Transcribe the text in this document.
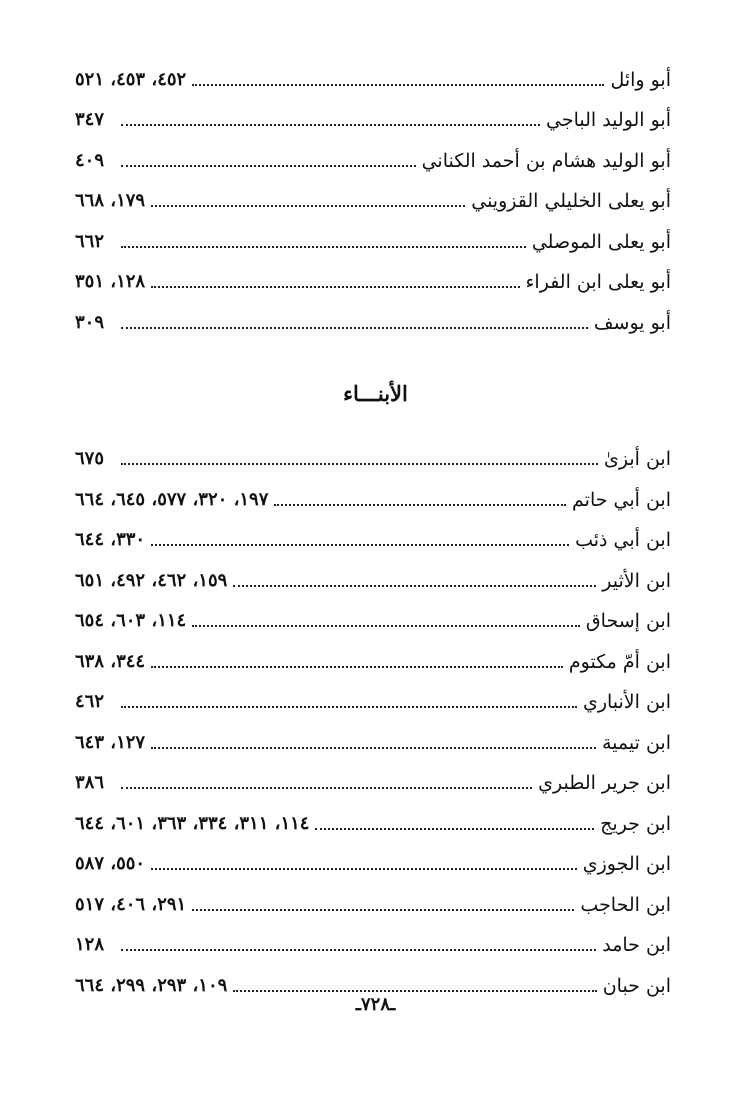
أبو وائل
٤٥٢، ٤٥٣، ٥٢١
أبو الوليد الباجي
٣٤٧
أبو الوليد هشام بن أحمد الكناني
٤٠٩
أبو يعلى الخليلي القزويني
١٧٩، ٦٦٨
أبو يعلى الموصلي
٦٦٢
أبو يعلى ابن الفراء
١٢٨، ٣٥١
أبو يوسف
٣٠٩
الأبنـــاء
ابن أبزىٰ
٦٧٥
ابن أبي حاتم
١٩٧، ٣٢٠، ٥٧٧، ٦٤٥، ٦٦٤
ابن أبي ذئب
٣٣٠، ٦٤٤
ابن الأثير
١٥٩، ٤٦٢، ٤٩٢، ٦٥١
ابن إسحاق
١١٤، ٦٠٣، ٦٥٤
ابن أمّ مكتوم
٣٤٤، ٦٣٨
ابن الأنباري
٤٦٢
ابن تيمية
١٢٧، ٦٤٣
ابن جرير الطبري
٣٨٦
ابن جريج
١١٤، ٣١١، ٣٣٤، ٣٦٣، ٦٠١، ٦٤٤
ابن الجوزي
٥٥٠، ٥٨٧
ابن الحاجب
٢٩١، ٤٠٦، ٥١٧
ابن حامد
١٢٨
ابن حبان
١٠٩، ٢٩٣، ٢٩٩، ٦٦٤
ـ٧٢٨ـ
